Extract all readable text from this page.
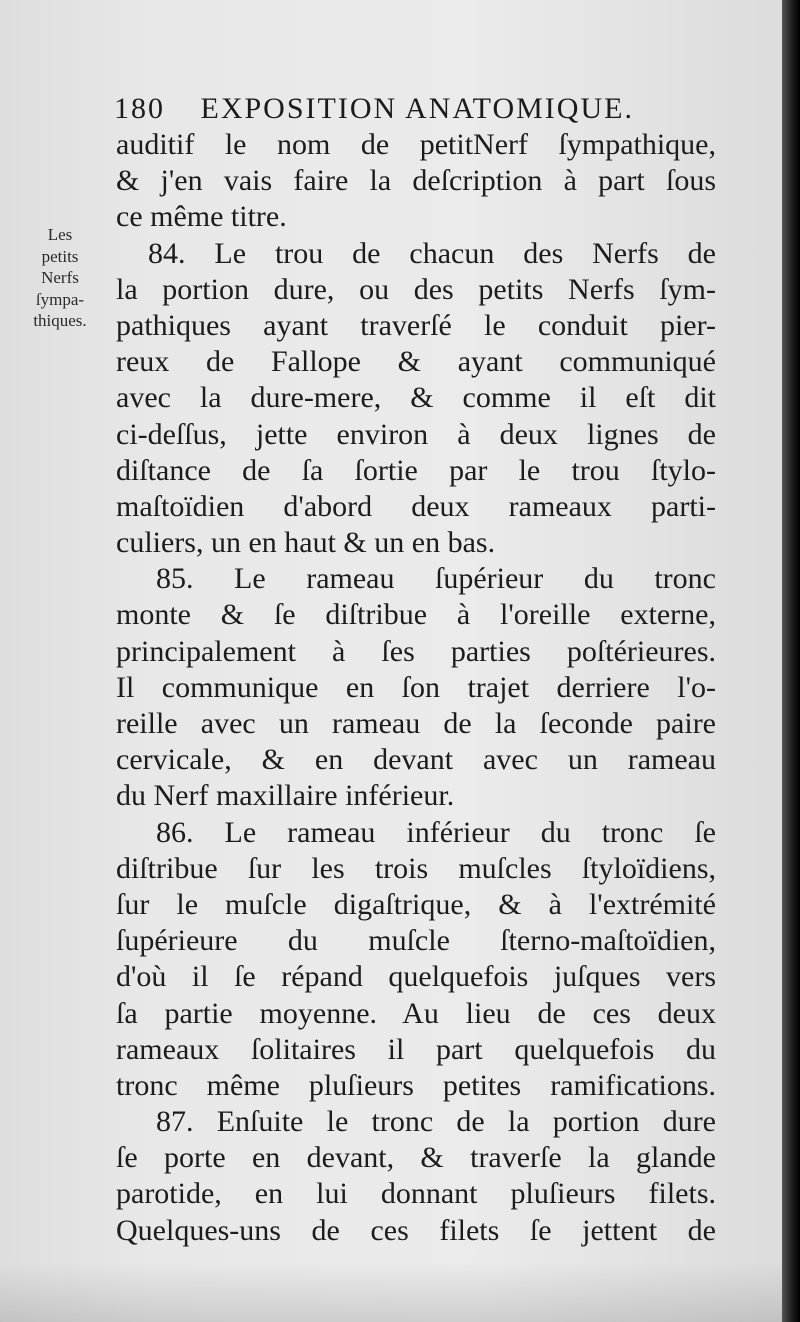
180 EXPOSITION ANATOMIQUE.
Les
petits
Nerfs
ſympa-
thiques.
auditif le nom de petitNerf ſympathique,
& j'en vais faire la deſcription à part ſous
ce même titre.
84. Le trou de chacun des Nerfs de
la portion dure, ou des petits Nerfs ſym-
pathiques ayant traverſé le conduit pier-
reux de Fallope & ayant communiqué
avec la dure-mere, & comme il eſt dit
ci-deſſus, jette environ à deux lignes de
diſtance de ſa ſortie par le trou ſtylo-
maſtoïdien d'abord deux rameaux parti-
culiers, un en haut & un en bas.
85. Le rameau ſupérieur du tronc
monte & ſe diſtribue à l'oreille externe,
principalement à ſes parties poſtérieures.
Il communique en ſon trajet derriere l'o-
reille avec un rameau de la ſeconde paire
cervicale, & en devant avec un rameau
du Nerf maxillaire inférieur.
86. Le rameau inférieur du tronc ſe
diſtribue ſur les trois muſcles ſtyloïdiens,
ſur le muſcle digaſtrique, & à l'extrémité
ſupérieure du muſcle ſterno-maſtoïdien,
d'où il ſe répand quelquefois juſques vers
ſa partie moyenne. Au lieu de ces deux
rameaux ſolitaires il part quelquefois du
tronc même pluſieurs petites ramifications.
87. Enſuite le tronc de la portion dure
ſe porte en devant, & traverſe la glande
parotide, en lui donnant pluſieurs filets.
Quelques-uns de ces filets ſe jettent de
